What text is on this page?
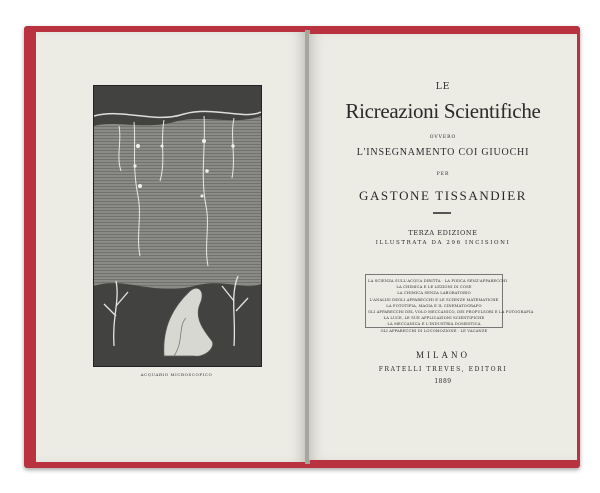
ACQUARIO MICROSCOPICO
LE
Ricreazioni Scientifiche
OVVERO
L'INSEGNAMENTO COI GIUOCHI
PER
GASTONE TISSANDIER
TERZA EDIZIONE
ILLUSTRATA DA 296 INCISIONI
LA SCIENZA SULL'ACQUA DIRITTA · LA FISICA SENZ'APPARECCHI
LA CHIMICA E LE LEZIONI DI COSE
LA CHIMICA SENZA LABORATORIO
L'ANALISI DEGLI APPARECCHI E LE SCIENZE MATEMATICHE
LA FOTOTIPIA, MAGIA E IL CINEMATOGRAFO
GLI APPARECCHI DEL VOLO MECCANICO, DEI PROPULSORI E LA FOTOGRAFIA
LA LUCE, LE SUE APPLICAZIONI SCIENTIFICHE
LA MECCANICA E L'INDUSTRIA DOMESTICA
GLI APPARECCHI DI LOCOMOZIONE · LE VACANZE
MILANO
FRATELLI TREVES, EDITORI
1889
